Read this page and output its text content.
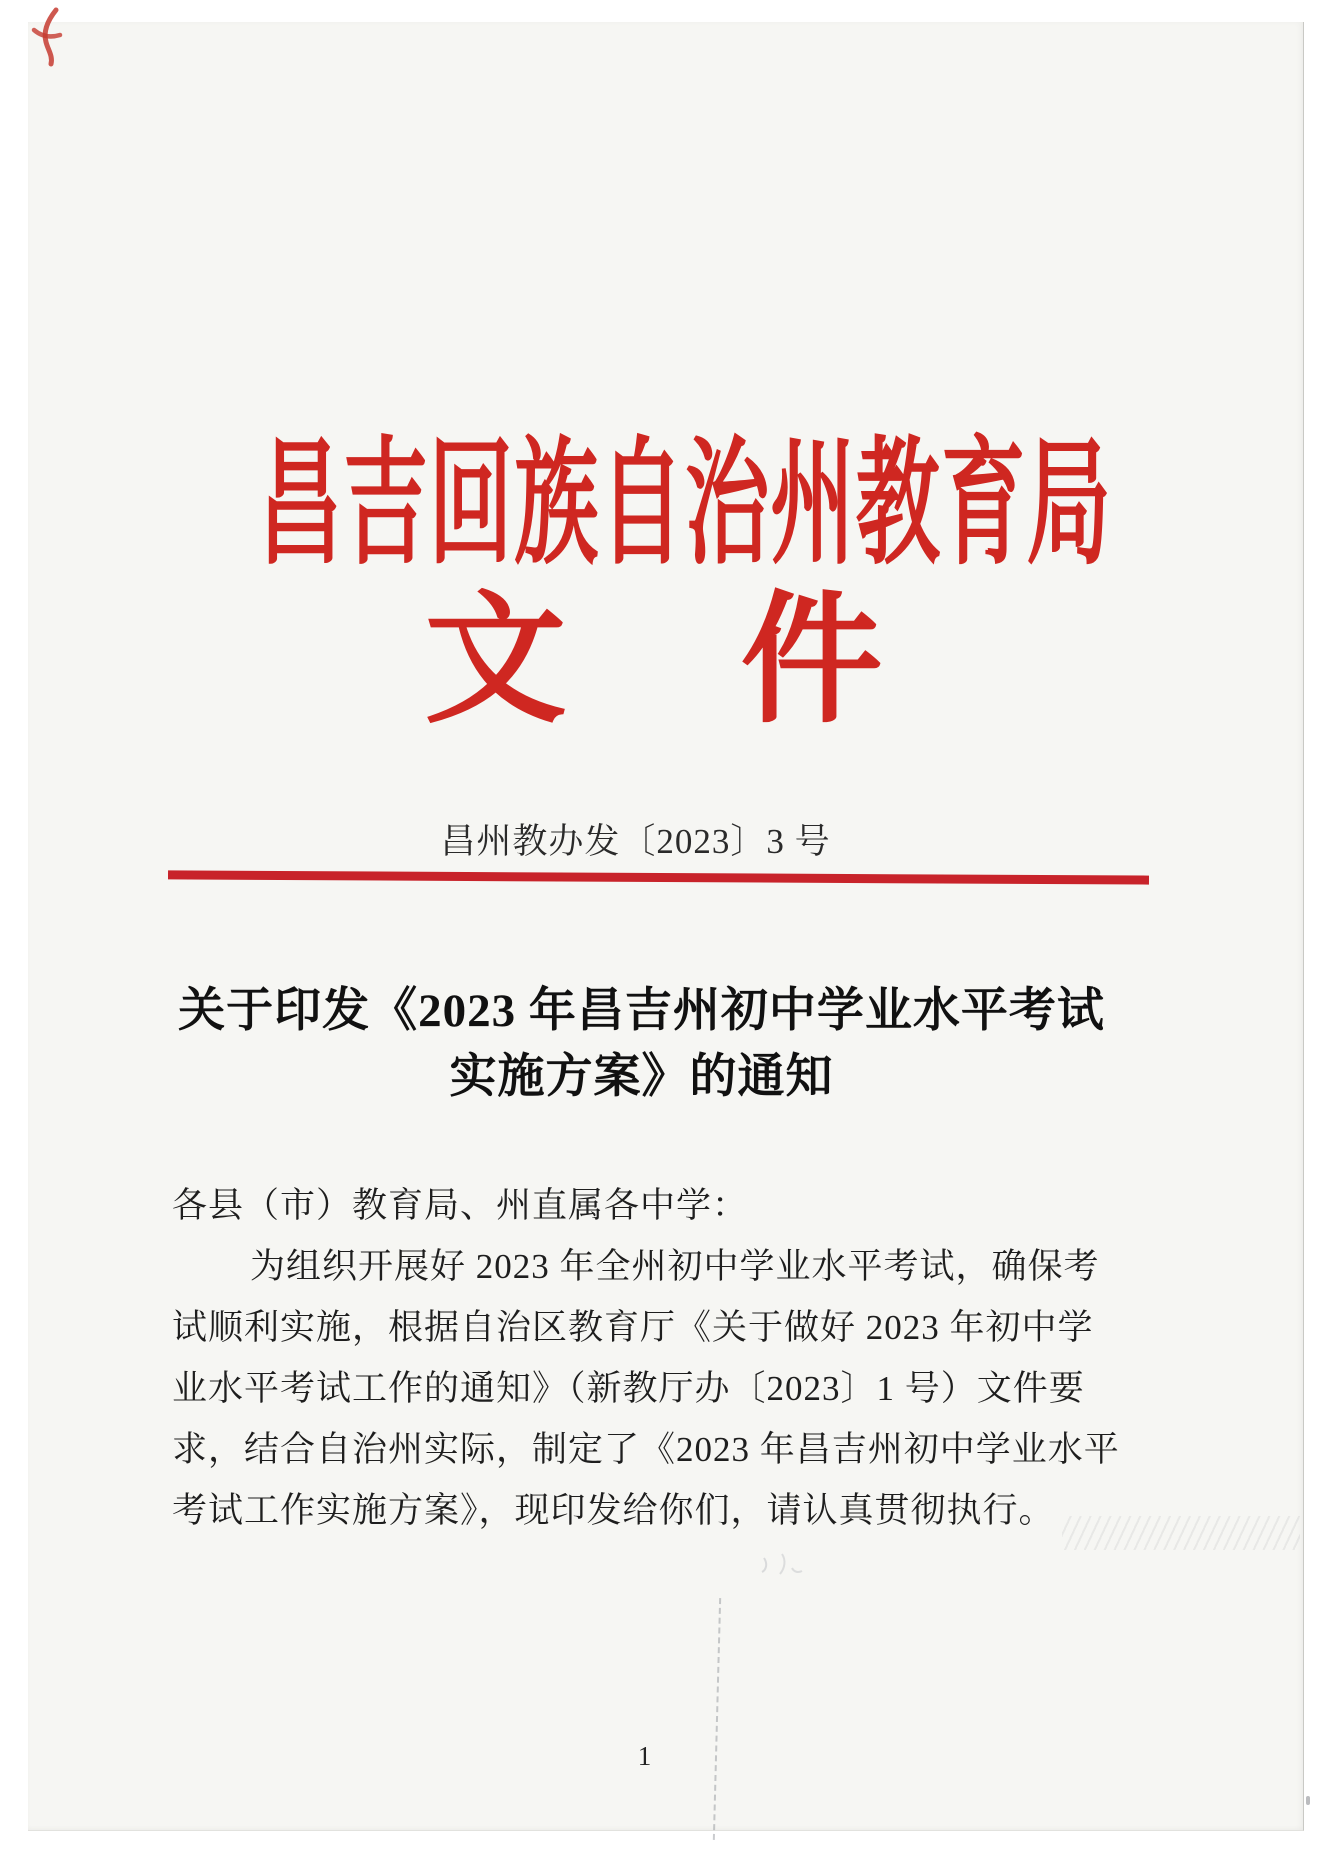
昌吉回族自治州教育局
文 件
昌州教办发〔2023〕3 号
关于印发《2023 年昌吉州初中学业水平考试
实施方案》的通知
各县（市）教育局、州直属各中学：
为组织开展好 2023 年全州初中学业水平考试，确保考
试顺利实施，根据自治区教育厅《关于做好 2023 年初中学
业水平考试工作的通知》（新教厅办〔2023〕1 号）文件要
求，结合自治州实际，制定了《2023 年昌吉州初中学业水平
考试工作实施方案》，现印发给你们，请认真贯彻执行。
1
